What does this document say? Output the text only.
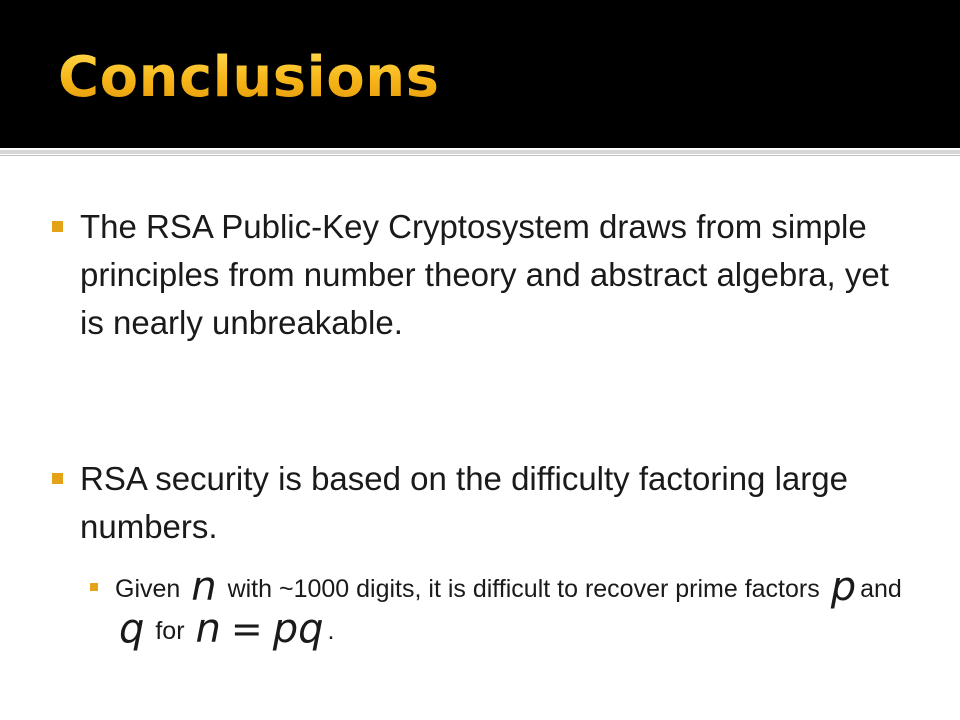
Conclusions
The RSA Public-Key Cryptosystem draws from simple principles from number theory and abstract algebra, yet is nearly unbreakable.
RSA security is based on the difficulty factoring large numbers.
Given n with ~1000 digits, it is difficult to recover prime factors p and q for n = pq .
